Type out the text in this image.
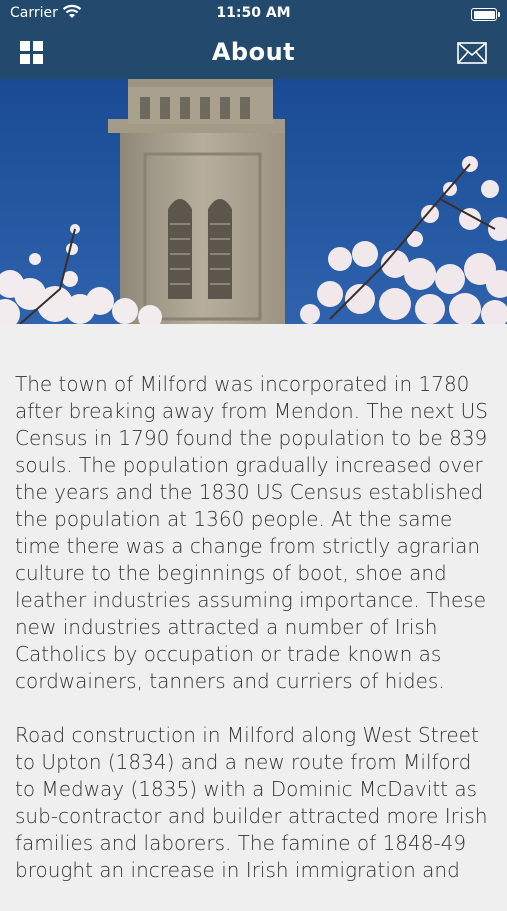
Carrier	11:50 AM
About

The town of Milford was incorporated in 1780 after breaking away from Mendon. The next US Census in 1790 found the population to be 839 souls. The population gradually increased over the years and the 1830 US Census established the population at 1360 people. At the same time there was a change from strictly agrarian culture to the beginnings of boot, shoe and leather industries assuming importance. These new industries attracted a number of Irish Catholics by occupation or trade known as cordwainers, tanners and curriers of hides.

Road construction in Milford along West Street to Upton (1834) and a new route from Milford to Medway (1835) with a Dominic McDavitt as sub-contractor and builder attracted more Irish families and laborers. The famine of 1848-49 brought an increase in Irish immigration and
